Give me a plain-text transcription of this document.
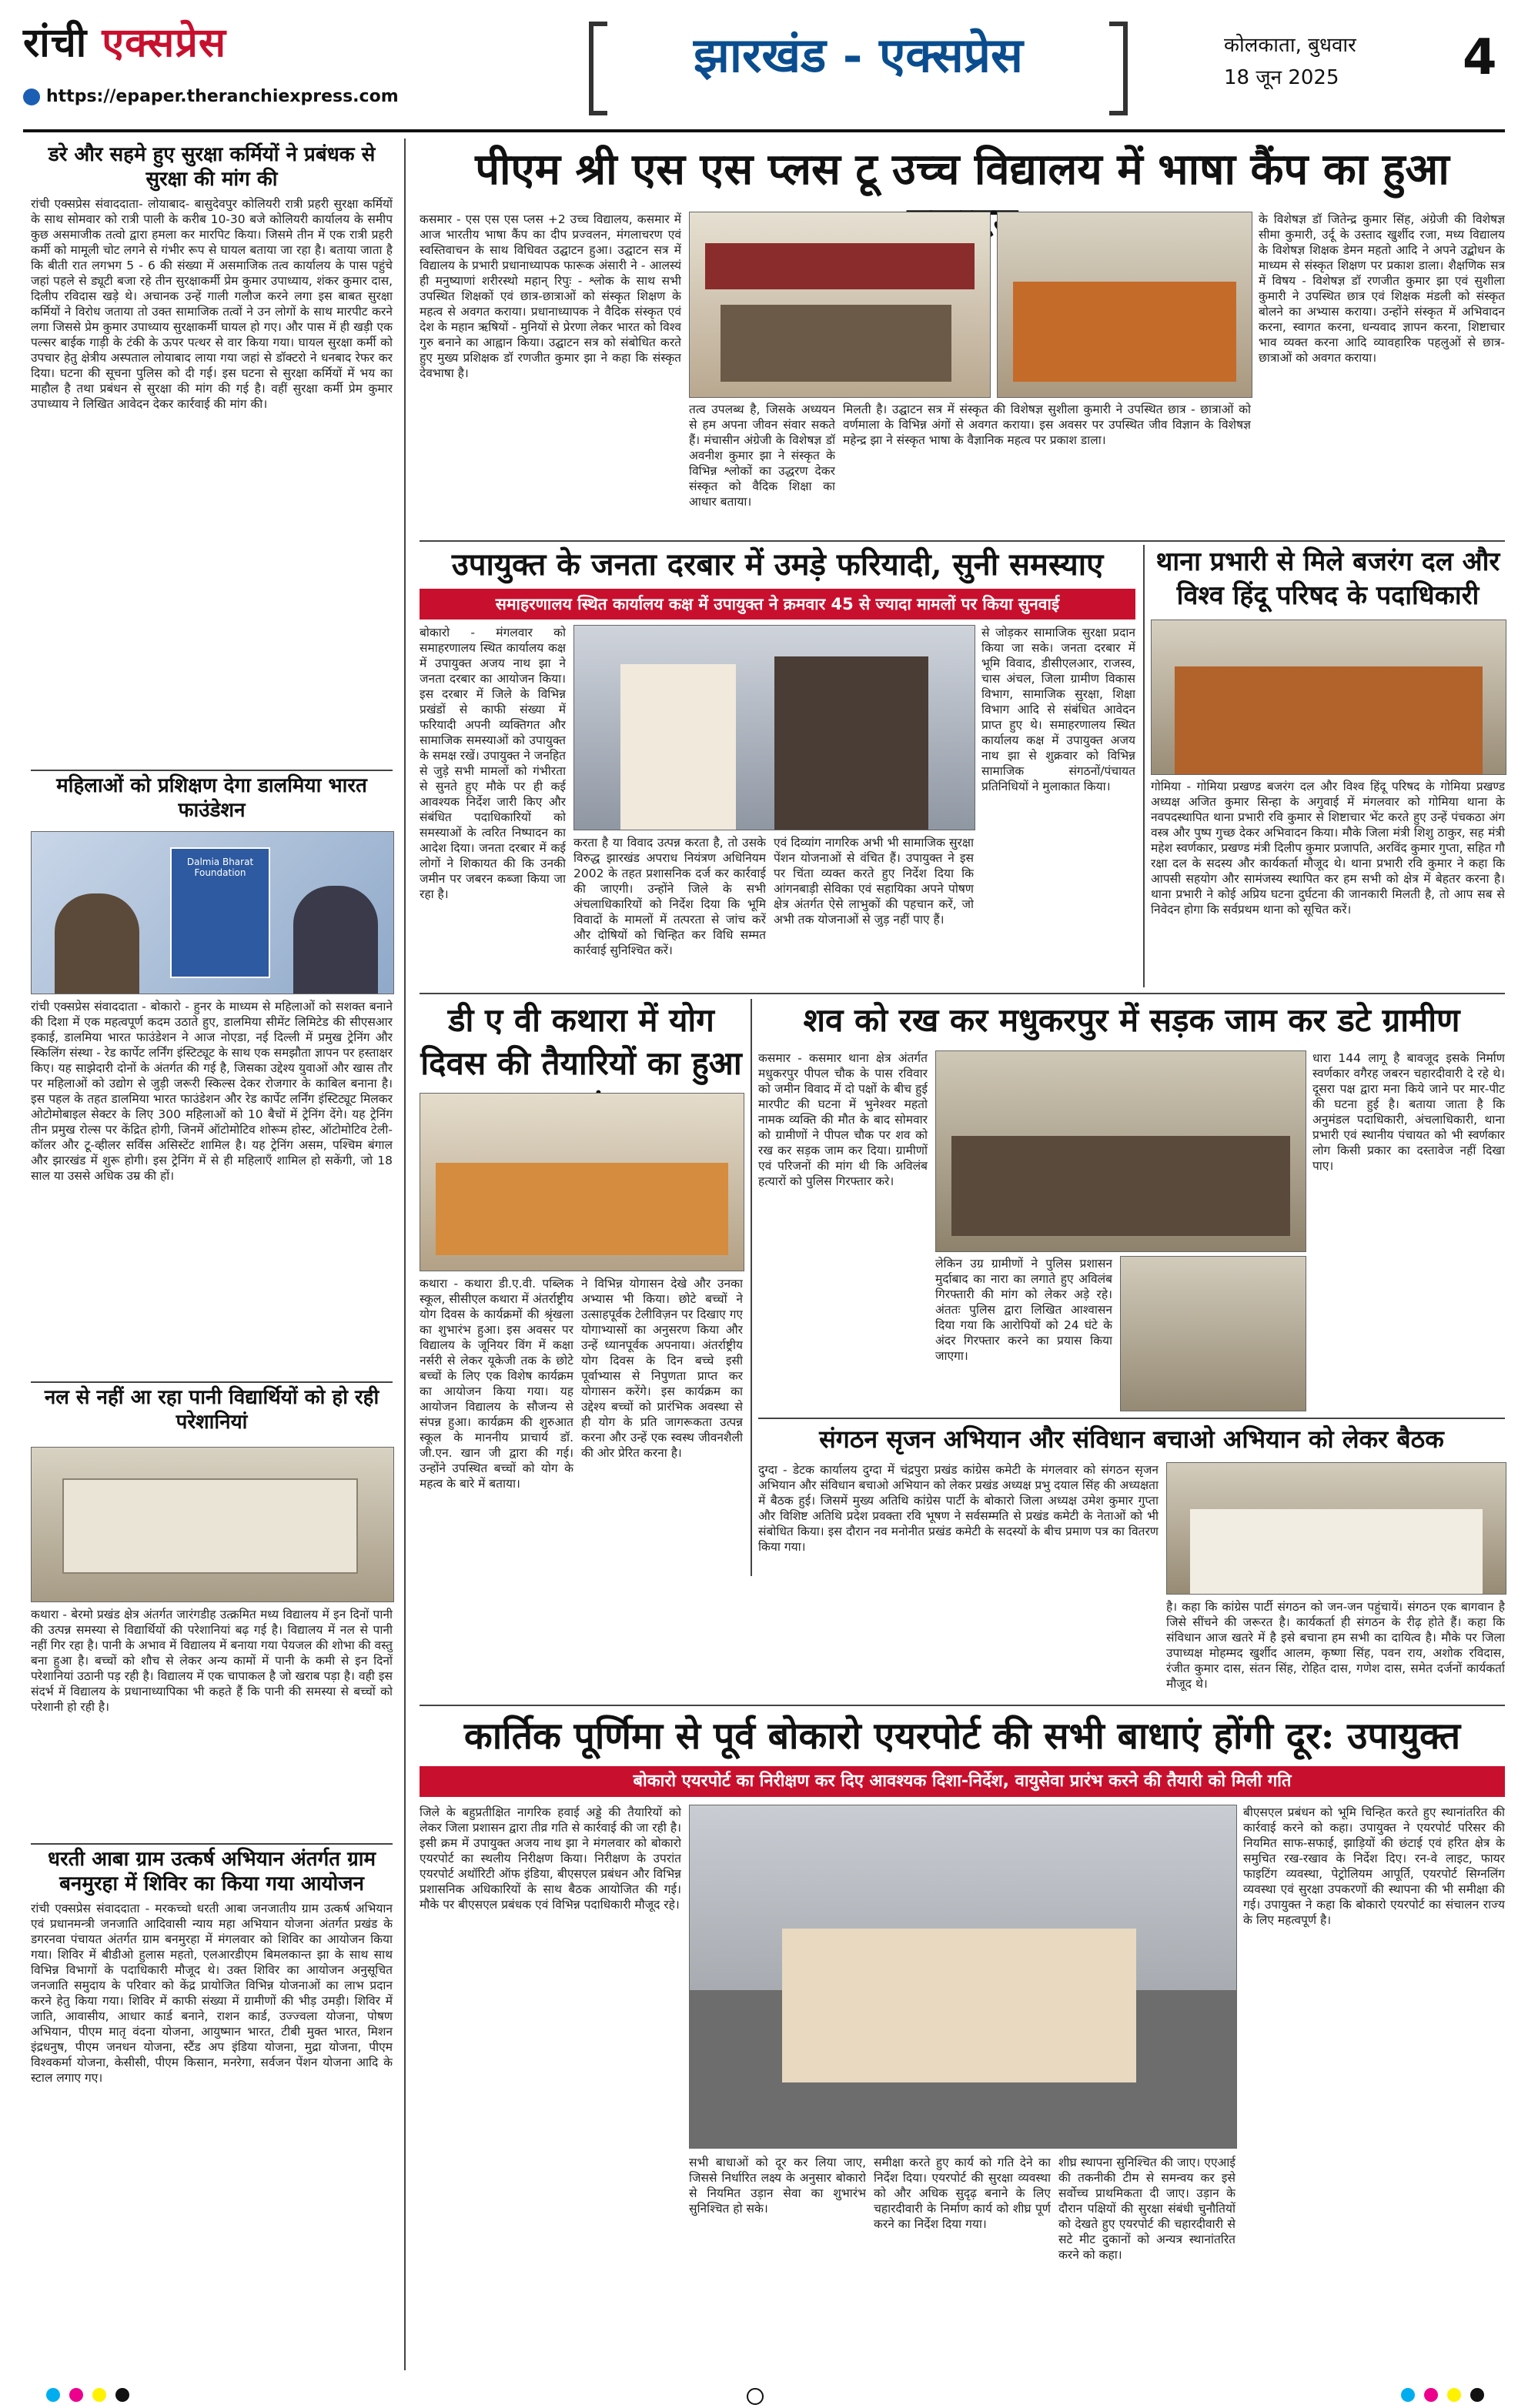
रांची एक्सप्रेस
https://epaper.theranchiexpress.com
झारखंड - एक्सप्रेस	कोलकाता, बुधवार
18 जून 2025	4
डरे और सहमे हुए सुरक्षा कर्मियों ने प्रबंधक से सुरक्षा की मांग की
रांची एक्सप्रेस संवाददाता- लोयाबाद- बासुदेवपुर कोलियरी रात्री प्रहरी सुरक्षा कर्मियों के साथ सोमवार को रात्री पाली के करीब 10-30 बजे कोलियरी कार्यालय के समीप कुछ असमाजीक तत्वो द्वारा हमला कर मारपिट किया। जिसमे तीन में एक रात्री प्रहरी कर्मी को मामूली चोट लगने से गंभीर रूप से घायल बताया जा रहा है। बताया जाता है कि बीती रात लगभग 5 - 6 की संख्या में असमाजिक तत्व कार्यालय के पास पहुंचे जहां पहले से ड्यूटी बजा रहे तीन सुरक्षाकर्मी प्रेम कुमार उपाध्याय, शंकर कुमार दास, दिलीप रविदास खड़े थे। अचानक उन्हें गाली गलौज करने लगा इस बाबत सुरक्षा कर्मियों ने विरोध जताया तो उक्त सामाजिक तत्वों ने उन लोगों के साथ मारपीट करने लगा जिससे प्रेम कुमार उपाध्याय सुरक्षाकर्मी घायल हो गए। और पास में ही खड़ी एक पल्सर बाईक गाड़ी के टंकी के ऊपर पत्थर से वार किया गया। घायल सुरक्षा कर्मी को उपचार हेतु क्षेत्रीय अस्पताल लोयाबाद लाया गया जहां से डॉक्टरो ने धनबाद रेफर कर दिया। घटना की सूचना पुलिस को दी गई। इस घटना से सुरक्षा कर्मियों में भय का माहौल है तथा प्रबंधन से सुरक्षा की मांग की गई है। वहीं सुरक्षा कर्मी प्रेम कुमार उपाध्याय ने लिखित आवेदन देकर कार्रवाई की मांग की।
महिलाओं को प्रशिक्षण देगा डालमिया भारत फाउंडेशन
Dalmia Bharat Foundation
रांची एक्सप्रेस संवाददाता - बोकारो - हुनर के माध्यम से महिलाओं को सशक्त बनाने की दिशा में एक महत्वपूर्ण कदम उठाते हुए, डालमिया सीमेंट लिमिटेड की सीएसआर इकाई, डालमिया भारत फाउंडेशन ने आज नोएडा, नई दिल्ली में प्रमुख ट्रेनिंग और स्किलिंग संस्था - रेड कार्पेट लर्निंग इंस्टिट्यूट के साथ एक समझौता ज्ञापन पर हस्ताक्षर किए। यह साझेदारी दोनों के अंतर्गत की गई है, जिसका उद्देश्य युवाओं और खास तौर पर महिलाओं को उद्योग से जुड़ी जरूरी स्किल्स देकर रोजगार के काबिल बनाना है। इस पहल के तहत डालमिया भारत फाउंडेशन और रेड कार्पेट लर्निंग इंस्टिट्यूट मिलकर ओटोमोबाइल सेक्टर के लिए 300 महिलाओं को 10 बैचों में ट्रेनिंग देंगे। यह ट्रेनिंग तीन प्रमुख रोल्स पर केंद्रित होगी, जिनमें ऑटोमोटिव शोरूम होस्ट, ऑटोमोटिव टेली-कॉलर और टू-व्हीलर सर्विस असिस्टेंट शामिल है। यह ट्रेनिंग असम, पश्चिम बंगाल और झारखंड में शुरू होगी। इस ट्रेनिंग में से ही महिलाएँ शामिल हो सकेंगी, जो 18 साल या उससे अधिक उम्र की हों।
नल से नहीं आ रहा पानी विद्यार्थियों को हो रही परेशानियां
कथारा - बेरमो प्रखंड क्षेत्र अंतर्गत जारंगडीह उत्क्रमित मध्य विद्यालय में इन दिनों पानी की उत्पन्न समस्या से विद्यार्थियों की परेशानियां बढ़ गई है। विद्यालय में नल से पानी नहीं गिर रहा है। पानी के अभाव में विद्यालय में बनाया गया पेयजल की शोभा की वस्तु बना हुआ है। बच्चों को शौच से लेकर अन्य कामों में पानी के कमी से इन दिनों परेशानियां उठानी पड़ रही है। विद्यालय में एक चापाकल है जो खराब पड़ा है। वही इस संदर्भ में विद्यालय के प्रधानाध्यापिका भी कहते हैं कि पानी की समस्या से बच्चों को परेशानी हो रही है।
धरती आबा ग्राम उत्कर्ष अभियान अंतर्गत ग्राम बनमुरहा में शिविर का किया गया आयोजन
रांची एक्सप्रेस संवाददाता - मरकच्चो धरती आबा जनजातीय ग्राम उत्कर्ष अभियान एवं प्रधानमन्त्री जनजाति आदिवासी न्याय महा अभियान योजना अंतर्गत प्रखंड के डगरनवा पंचायत अंतर्गत ग्राम बनमुरहा में मंगलवार को शिविर का आयोजन किया गया। शिविर में बीडीओ हुलास महतो, एलआरडीएम बिमलकान्त झा के साथ साथ विभिन्न विभागों के पदाधिकारी मौजूद थे। उक्त शिविर का आयोजन अनुसूचित जनजाति समुदाय के परिवार को केंद्र प्रायोजित विभिन्न योजनाओं का लाभ प्रदान करने हेतु किया गया। शिविर में काफी संख्या में ग्रामीणों की भीड़ उमड़ी। शिविर में जाति, आवासीय, आधार कार्ड बनाने, राशन कार्ड, उज्ज्वला योजना, पोषण अभियान, पीएम मातृ वंदना योजना, आयुष्मान भारत, टीबी मुक्त भारत, मिशन इंद्रधनुष, पीएम जनधन योजना, स्टैंड अप इंडिया योजना, मुद्रा योजना, पीएम विश्वकर्मा योजना, केसीसी, पीएम किसान, मनरेगा, सर्वजन पेंशन योजना आदि के स्टाल लगाए गए।
पीएम श्री एस एस प्लस टू उच्च विद्यालय में भाषा कैंप का हुआ
कसमार - एस एस एस प्लस +2 उच्च विद्यालय, कसमार में आज भारतीय भाषा कैंप का दीप प्रज्वलन, मंगलाचरण एवं स्वस्तिवाचन के साथ विधिवत उद्घाटन हुआ। उद्घाटन सत्र में विद्यालय के प्रभारी प्रधानाध्यापक फारूक अंसारी ने - आलस्यं ही मनुष्याणां शरीरस्थो महान् रिपुः - श्लोक के साथ सभी उपस्थित शिक्षकों एवं छात्र-छात्राओं को संस्कृत शिक्षण के महत्व से अवगत कराया। प्रधानाध्यापक ने वैदिक संस्कृत एवं देश के महान ऋषियों - मुनियों से प्रेरणा लेकर भारत को विश्व गुरु बनाने का आह्वान किया। उद्घाटन सत्र को संबोधित करते हुए मुख्य प्रशिक्षक डॉ रणजीत कुमार झा ने कहा कि संस्कृत देवभाषा है।
तत्व उपलब्ध है, जिसके अध्ययन से हम अपना जीवन संवार सकते हैं। मंचासीन अंग्रेजी के विशेषज्ञ डॉ अवनीश कुमार झा ने संस्कृत के विभिन्न श्लोकों का उद्धरण देकर संस्कृत को वैदिक शिक्षा का आधार बताया।
मिलती है। उद्घाटन सत्र में संस्कृत की विशेषज्ञ सुशीला कुमारी ने उपस्थित छात्र - छात्राओं को वर्णमाला के विभिन्न अंगों से अवगत कराया। इस अवसर पर उपस्थित जीव विज्ञान के विशेषज्ञ महेन्द्र झा ने संस्कृत भाषा के वैज्ञानिक महत्व पर प्रकाश डाला।
के विशेषज्ञ डॉ जितेन्द्र कुमार सिंह, अंग्रेजी की विशेषज्ञ सीमा कुमारी, उर्दू के उस्ताद खुर्शीद रजा, मध्य विद्यालय के विशेषज्ञ शिक्षक डेमन महतो आदि ने अपने उद्बोधन के माध्यम से संस्कृत शिक्षण पर प्रकाश डाला। शैक्षणिक सत्र में विषय - विशेषज्ञ डॉ रणजीत कुमार झा एवं सुशीला कुमारी ने उपस्थित छात्र एवं शिक्षक मंडली को संस्कृत बोलने का अभ्यास कराया। उन्होंने संस्कृत में अभिवादन करना, स्वागत करना, धन्यवाद ज्ञापन करना, शिष्टाचार भाव व्यक्त करना आदि व्यावहारिक पहलुओं से छात्र-छात्राओं को अवगत कराया।
उपायुक्त के जनता दरबार में उमड़े फरियादी, सुनी समस्याए
समाहरणालय स्थित कार्यालय कक्ष में उपायुक्त ने क्रमवार 45 से ज्यादा मामलों पर किया सुनवाई
बोकारो - मंगलवार को समाहरणालय स्थित कार्यालय कक्ष में उपायुक्त अजय नाथ झा ने जनता दरबार का आयोजन किया। इस दरबार में जिले के विभिन्न प्रखंडों से काफी संख्या में फरियादी अपनी व्यक्तिगत और सामाजिक समस्याओं को उपायुक्त के समक्ष रखें। उपायुक्त ने जनहित से जुड़े सभी मामलों को गंभीरता से सुनते हुए मौके पर ही कई आवश्यक निर्देश जारी किए और संबंधित पदाधिकारियों को समस्याओं के त्वरित निष्पादन का आदेश दिया। जनता दरबार में कई लोगों ने शिकायत की कि उनकी जमीन पर जबरन कब्जा किया जा रहा है।
करता है या विवाद उत्पन्न करता है, तो उसके विरुद्ध झारखंड अपराध नियंत्रण अधिनियम 2002 के तहत प्रशासनिक दर्ज कर कार्रवाई की जाएगी। उन्होंने जिले के सभी अंचलाधिकारियों को निर्देश दिया कि भूमि विवादों के मामलों में तत्परता से जांच करें और दोषियों को चिन्हित कर विधि सम्मत कार्रवाई सुनिश्चित करें।
एवं दिव्यांग नागरिक अभी भी सामाजिक सुरक्षा पेंशन योजनाओं से वंचित हैं। उपायुक्त ने इस पर चिंता व्यक्त करते हुए निर्देश दिया कि आंगनबाड़ी सेविका एवं सहायिका अपने पोषण क्षेत्र अंतर्गत ऐसे लाभुकों की पहचान करें, जो अभी तक योजनाओं से जुड़ नहीं पाए हैं।
से जोड़कर सामाजिक सुरक्षा प्रदान किया जा सके। जनता दरबार में भूमि विवाद, डीसीएलआर, राजस्व, चास अंचल, जिला ग्रामीण विकास विभाग, सामाजिक सुरक्षा, शिक्षा विभाग आदि से संबंधित आवेदन प्राप्त हुए थे। समाहरणालय स्थित कार्यालय कक्ष में उपायुक्त अजय नाथ झा से शुक्रवार को विभिन्न सामाजिक संगठनों/पंचायत प्रतिनिधियों ने मुलाकात किया।
थाना प्रभारी से मिले बजरंग दल और विश्व हिंदू परिषद के पदाधिकारी
गोमिया - गोमिया प्रखण्ड बजरंग दल और विश्व हिंदू परिषद के गोमिया प्रखण्ड अध्यक्ष अजित कुमार सिन्हा के अगुवाई में मंगलवार को गोमिया थाना के नवपदस्थापित थाना प्रभारी रवि कुमार से शिष्टाचार भेंट करते हुए उन्हें पंचकठा अंग वस्त्र और पुष्प गुच्छ देकर अभिवादन किया। मौके जिला मंत्री शिशु ठाकुर, सह मंत्री महेश स्वर्णकार, प्रखण्ड मंत्री दिलीप कुमार प्रजापति, अरविंद कुमार गुप्ता, सहित गौ रक्षा दल के सदस्य और कार्यकर्ता मौजूद थे। थाना प्रभारी रवि कुमार ने कहा कि आपसी सहयोग और सामंजस्य स्थापित कर हम सभी को क्षेत्र में बेहतर करना है। थाना प्रभारी ने कोई अप्रिय घटना दुर्घटना की जानकारी मिलती है, तो आप सब से निवेदन होगा कि सर्वप्रथम थाना को सूचित करें।
डी ए वी कथारा में योग दिवस की तैयारियों का हुआ
कथारा - कथारा डी.ए.वी. पब्लिक स्कूल, सीसीएल कथारा में अंतर्राष्ट्रीय योग दिवस के कार्यक्रमों की श्रृंखला का शुभारंभ हुआ। इस अवसर पर विद्यालय के जूनियर विंग में कक्षा नर्सरी से लेकर यूकेजी तक के छोटे बच्चों के लिए एक विशेष कार्यक्रम का आयोजन किया गया। यह आयोजन विद्यालय के सौजन्य से संपन्न हुआ। कार्यक्रम की शुरुआत स्कूल के माननीय प्राचार्य डॉ. जी.एन. खान जी द्वारा की गई। उन्होंने उपस्थित बच्चों को योग के महत्व के बारे में बताया।
ने विभिन्न योगासन देखे और उनका अभ्यास भी किया। छोटे बच्चों ने उत्साहपूर्वक टेलीविज़न पर दिखाए गए योगाभ्यासों का अनुसरण किया और उन्हें ध्यानपूर्वक अपनाया। अंतर्राष्ट्रीय योग दिवस के दिन बच्चे इसी पूर्वाभ्यास से निपुणता प्राप्त कर योगासन करेंगे। इस कार्यक्रम का उद्देश्य बच्चों को प्रारंभिक अवस्था से ही योग के प्रति जागरूकता उत्पन्न करना और उन्हें एक स्वस्थ जीवनशैली की ओर प्रेरित करना है।
शव को रख कर मधुकरपुर में सड़क जाम कर डटे ग्रामीण
कसमार - कसमार थाना क्षेत्र अंतर्गत मधुकरपुर पीपल चौक के पास रविवार को जमीन विवाद में दो पक्षों के बीच हुई मारपीट की घटना में भुनेश्वर महतो नामक व्यक्ति की मौत के बाद सोमवार को ग्रामीणों ने पीपल चौक पर शव को रख कर सड़क जाम कर दिया। ग्रामीणों एवं परिजनों की मांग थी कि अविलंब हत्यारों को पुलिस गिरफ्तार करे।
लेकिन उग्र ग्रामीणों ने पुलिस प्रशासन मुर्दाबाद का नारा का लगाते हुए अविलंब गिरफ्तारी की मांग को लेकर अड़े रहे। अंततः पुलिस द्वारा लिखित आश्वासन दिया गया कि आरोपियों को 24 घंटे के अंदर गिरफ्तार करने का प्रयास किया जाएगा।
धारा 144 लागू है बावजूद इसके निर्माण स्वर्णकार वगैरह जबरन चहारदीवारी दे रहे थे। दूसरा पक्ष द्वारा मना किये जाने पर मार-पीट की घटना हुई है। बताया जाता है कि अनुमंडल पदाधिकारी, अंचलाधिकारी, थाना प्रभारी एवं स्थानीय पंचायत को भी स्वर्णकार लोग किसी प्रकार का दस्तावेज नहीं दिखा पाए।
संगठन सृजन अभियान और संविधान बचाओ अभियान को लेकर बैठक
दुग्दा - डेटक कार्यालय दुग्दा में चंद्रपुरा प्रखंड कांग्रेस कमेटी के मंगलवार को संगठन सृजन अभियान और संविधान बचाओ अभियान को लेकर प्रखंड अध्यक्ष प्रभु दयाल सिंह की अध्यक्षता में बैठक हुई। जिसमें मुख्य अतिथि कांग्रेस पार्टी के बोकारो जिला अध्यक्ष उमेश कुमार गुप्ता और विशिष्ट अतिथि प्रदेश प्रवक्ता रवि भूषण ने सर्वसम्मति से प्रखंड कमेटी के नेताओं को भी संबोधित किया। इस दौरान नव मनोनीत प्रखंड कमेटी के सदस्यों के बीच प्रमाण पत्र का वितरण किया गया।
है। कहा कि कांग्रेस पार्टी संगठन को जन-जन पहुंचायें। संगठन एक बागवान है जिसे सींचने की जरूरत है। कार्यकर्ता ही संगठन के रीढ़ होते हैं। कहा कि संविधान आज खतरे में है इसे बचाना हम सभी का दायित्व है। मौके पर जिला उपाध्यक्ष मोहम्मद खुर्शीद आलम, कृष्णा सिंह, पवन राय, अशोक रविदास, रंजीत कुमार दास, संतन सिंह, रोहित दास, गणेश दास, समेत दर्जनों कार्यकर्ता मौजूद थे।
कार्तिक पूर्णिमा से पूर्व बोकारो एयरपोर्ट की सभी बाधाएं होंगी दूर: उपायुक्त
बोकारो एयरपोर्ट का निरीक्षण कर दिए आवश्यक दिशा-निर्देश, वायुसेवा प्रारंभ करने की तैयारी को मिली गति
जिले के बहुप्रतीक्षित नागरिक हवाई अड्डे की तैयारियों को लेकर जिला प्रशासन द्वारा तीव्र गति से कार्रवाई की जा रही है। इसी क्रम में उपायुक्त अजय नाथ झा ने मंगलवार को बोकारो एयरपोर्ट का स्थलीय निरीक्षण किया। निरीक्षण के उपरांत एयरपोर्ट अथॉरिटी ऑफ इंडिया, बीएसएल प्रबंधन और विभिन्न प्रशासनिक अधिकारियों के साथ बैठक आयोजित की गई। मौके पर बीएसएल प्रबंधक एवं विभिन्न पदाधिकारी मौजूद रहे।
सभी बाधाओं को दूर कर लिया जाए, जिससे निर्धारित लक्ष्य के अनुसार बोकारो से नियमित उड़ान सेवा का शुभारंभ सुनिश्चित हो सके।
समीक्षा करते हुए कार्य को गति देने का निर्देश दिया। एयरपोर्ट की सुरक्षा व्यवस्था को और अधिक सुदृढ़ बनाने के लिए चहारदीवारी के निर्माण कार्य को शीघ्र पूर्ण करने का निर्देश दिया गया।
शीघ्र स्थापना सुनिश्चित की जाए। एएआई की तकनीकी टीम से समन्वय कर इसे सर्वोच्च प्राथमिकता दी जाए। उड़ान के दौरान पक्षियों की सुरक्षा संबंधी चुनौतियों को देखते हुए एयरपोर्ट की चहारदीवारी से सटे मीट दुकानों को अन्यत्र स्थानांतरित करने को कहा।
बीएसएल प्रबंधन को भूमि चिन्हित करते हुए स्थानांतरित की कार्रवाई करने को कहा। उपायुक्त ने एयरपोर्ट परिसर की नियमित साफ-सफाई, झाड़ियों की छंटाई एवं हरित क्षेत्र के समुचित रख-रखाव के निर्देश दिए। रन-वे लाइट, फायर फाइटिंग व्यवस्था, पेट्रोलियम आपूर्ति, एयरपोर्ट सिग्नलिंग व्यवस्था एवं सुरक्षा उपकरणों की स्थापना की भी समीक्षा की गई। उपायुक्त ने कहा कि बोकारो एयरपोर्ट का संचालन राज्य के लिए महत्वपूर्ण है।
